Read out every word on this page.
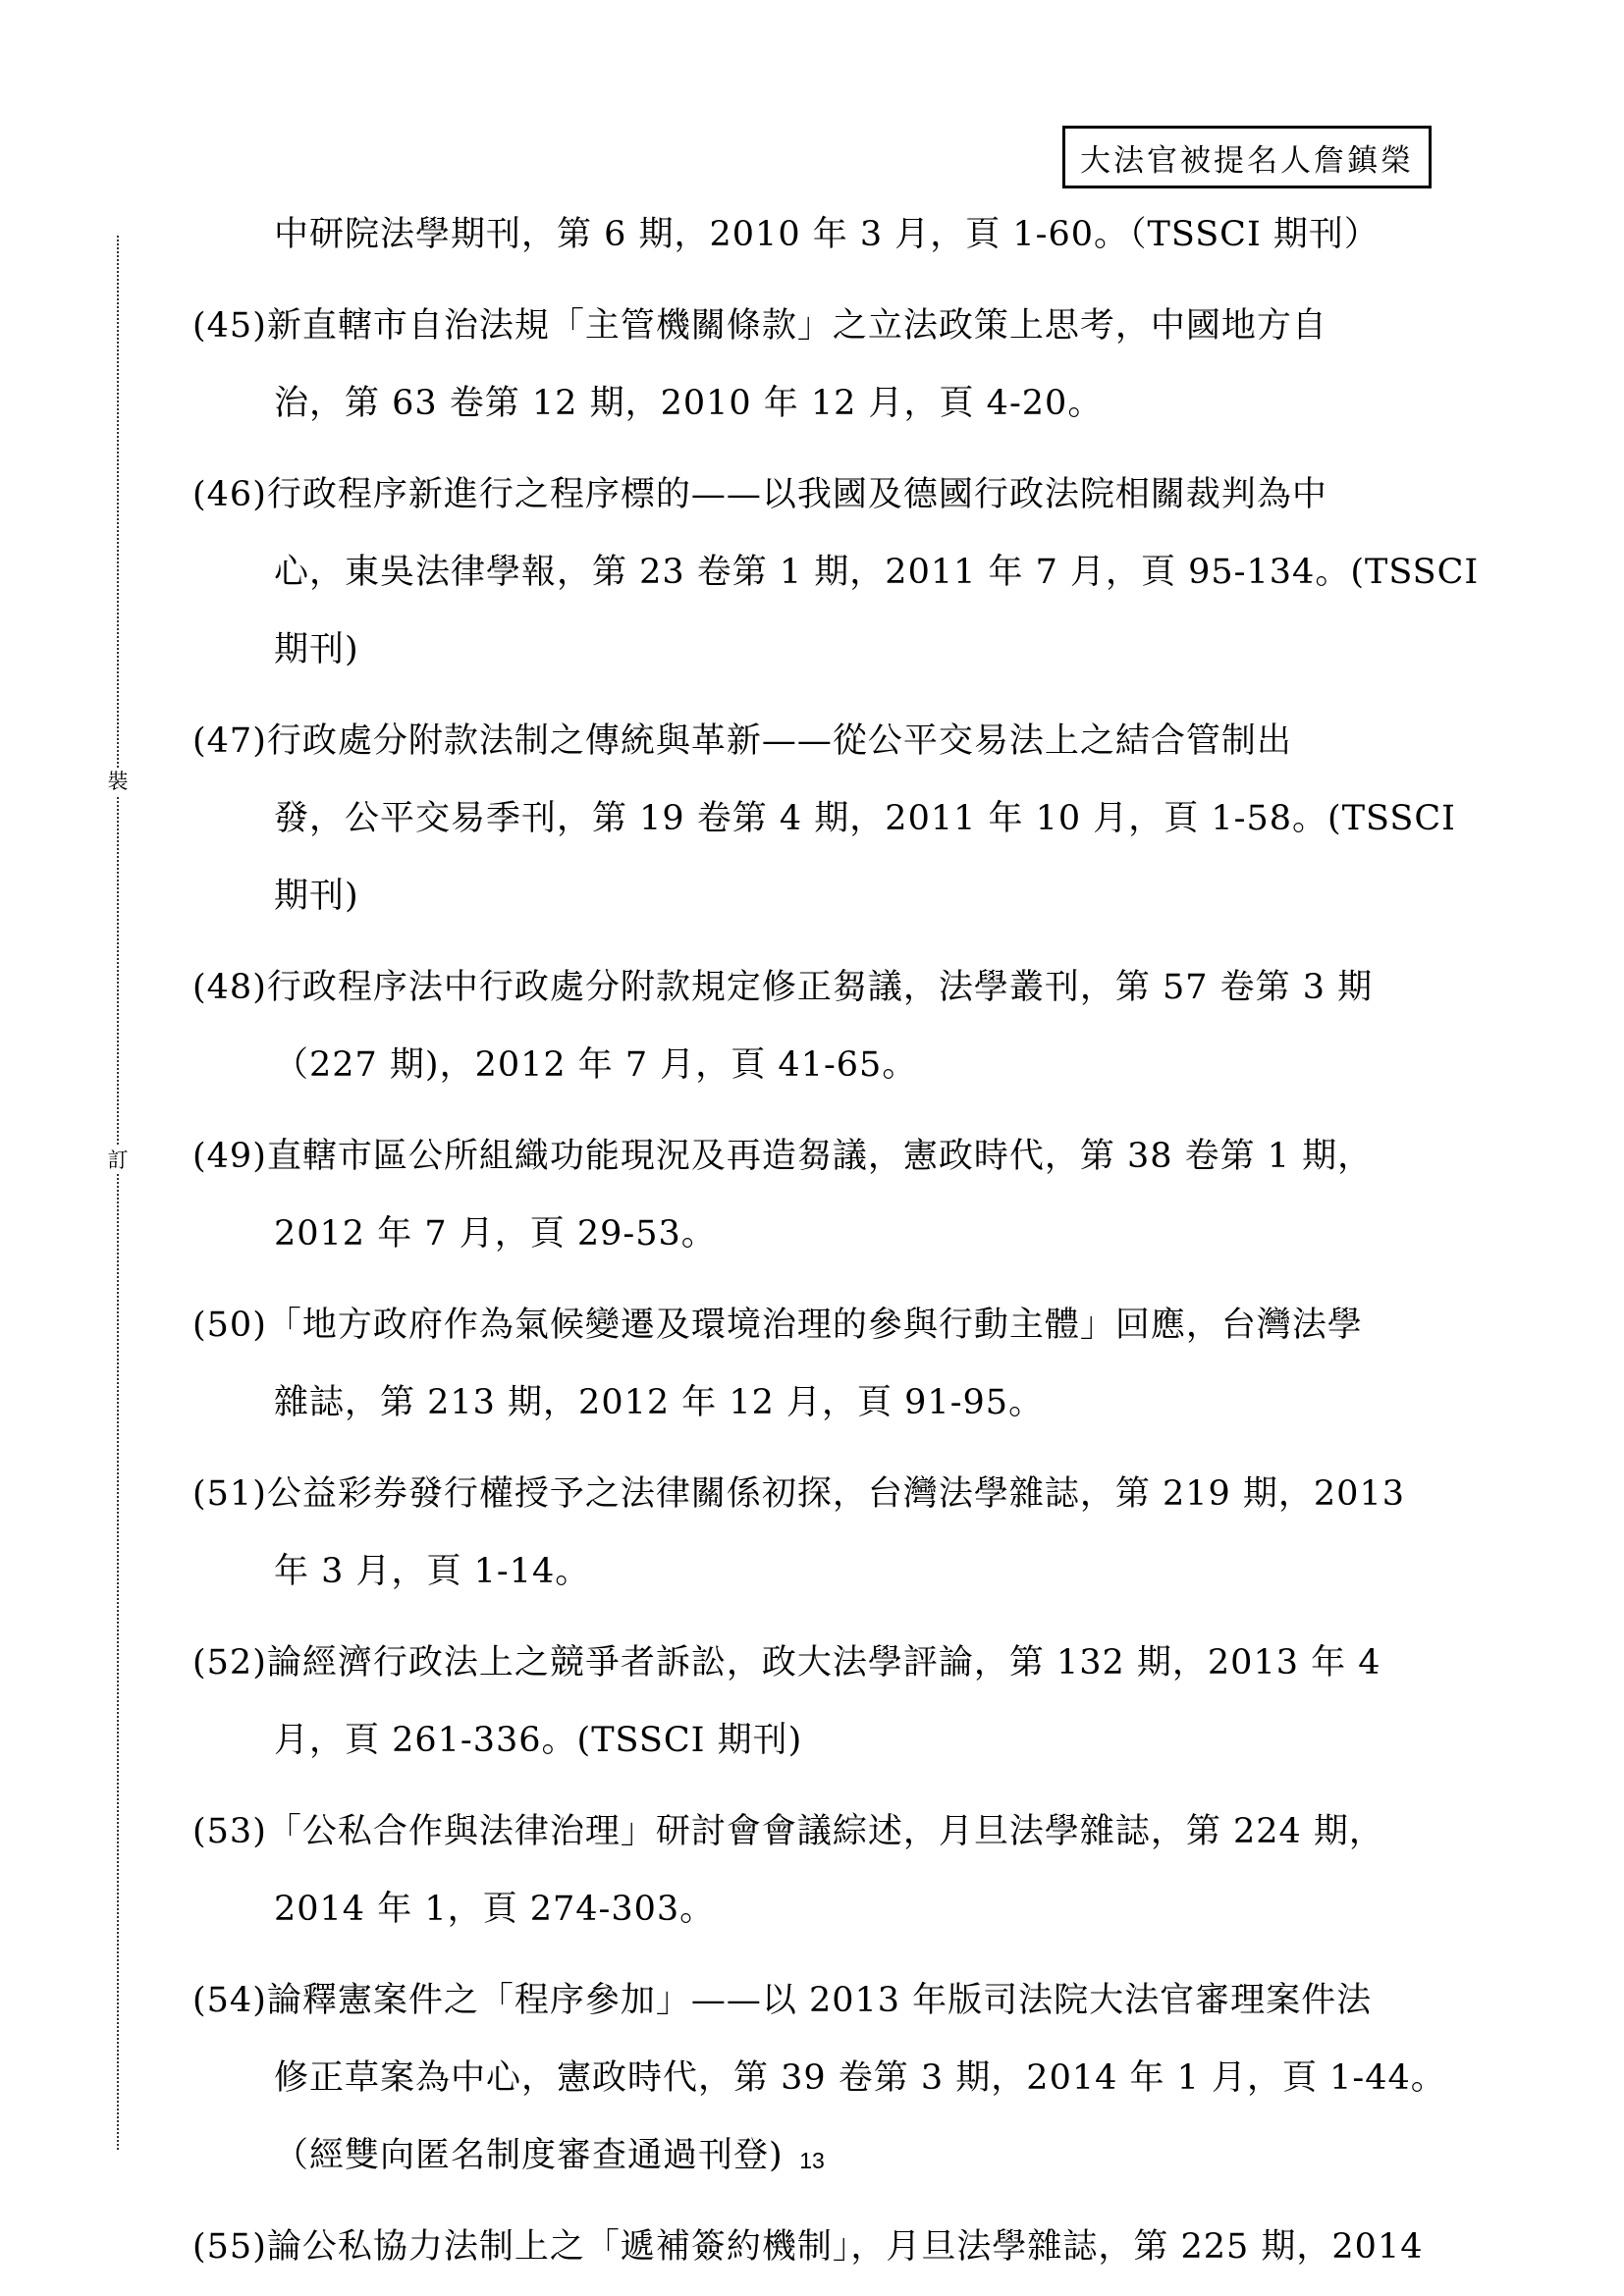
大法官被提名人詹鎮榮
裝
訂
中研院法學期刊，第 6 期，2010 年 3 月，頁 1-60。（TSSCI 期刊）
(45)新直轄市自治法規「主管機關條款」之立法政策上思考，中國地方自
治，第 63 卷第 12 期，2010 年 12 月，頁 4-20。
(46)行政程序新進行之程序標的——以我國及德國行政法院相關裁判為中
心，東吳法律學報，第 23 卷第 1 期，2011 年 7 月，頁 95-134。(TSSCI
期刊)
(47)行政處分附款法制之傳統與革新——從公平交易法上之結合管制出
發，公平交易季刊，第 19 卷第 4 期，2011 年 10 月，頁 1-58。(TSSCI
期刊)
(48)行政程序法中行政處分附款規定修正芻議，法學叢刊，第 57 卷第 3 期
（227 期)，2012 年 7 月，頁 41-65。
(49)直轄市區公所組織功能現況及再造芻議，憲政時代，第 38 卷第 1 期，
2012 年 7 月，頁 29-53。
(50)「地方政府作為氣候變遷及環境治理的參與行動主體」回應，台灣法學
雜誌，第 213 期，2012 年 12 月，頁 91-95。
(51)公益彩券發行權授予之法律關係初探，台灣法學雜誌，第 219 期，2013
年 3 月，頁 1-14。
(52)論經濟行政法上之競爭者訴訟，政大法學評論，第 132 期，2013 年 4
月，頁 261-336。(TSSCI 期刊)
(53)「公私合作與法律治理」研討會會議綜述，月旦法學雜誌，第 224 期，
2014 年 1，頁 274-303。
(54)論釋憲案件之「程序參加」——以 2013 年版司法院大法官審理案件法
修正草案為中心，憲政時代，第 39 卷第 3 期，2014 年 1 月，頁 1-44。
（經雙向匿名制度審查通過刊登)
(55)論公私協力法制上之「遞補簽約機制」，月旦法學雜誌，第 225 期，2014
13
